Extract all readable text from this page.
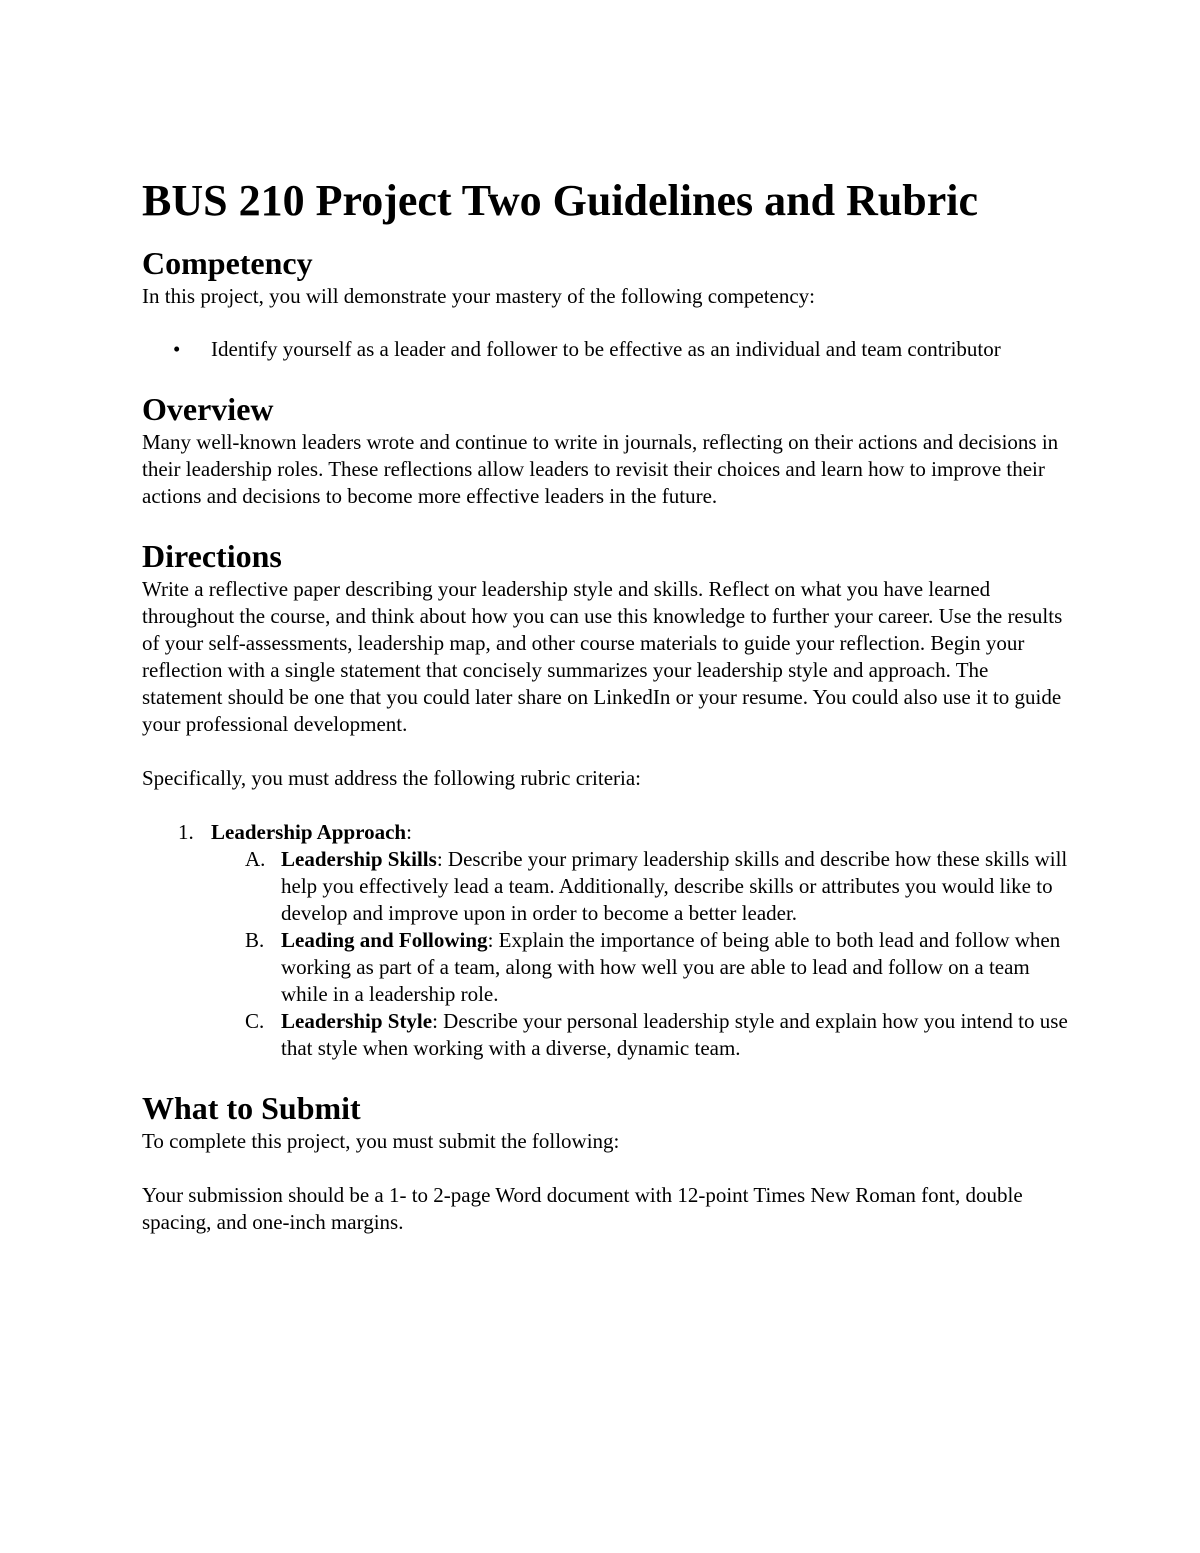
BUS 210 Project Two Guidelines and Rubric
Competency

In this project, you will demonstrate your mastery of the following competency:

• Identify yourself as a leader and follower to be effective as an individual and team contributor
Overview

Many well-known leaders wrote and continue to write in journals, reflecting on their actions and decisions in their leadership roles. These reflections allow leaders to revisit their choices and learn how to improve their actions and decisions to become more effective leaders in the future.

Directions

Write a reflective paper describing your leadership style and skills. Reflect on what you have learned throughout the course, and think about how you can use this knowledge to further your career. Use the results of your self-assessments, leadership map, and other course materials to guide your reflection. Begin your reflection with a single statement that concisely summarizes your leadership style and approach. The statement should be one that you could later share on LinkedIn or your resume. You could also use it to guide your professional development.

Specifically, you must address the following rubric criteria:

1. Leadership Approach:
A. Leadership Skills: Describe your primary leadership skills and describe how these skills will help you effectively lead a team. Additionally, describe skills or attributes you would like to develop and improve upon in order to become a better leader.
B. Leading and Following: Explain the importance of being able to both lead and follow when working as part of a team, along with how well you are able to lead and follow on a team while in a leadership role.
C. Leadership Style: Describe your personal leadership style and explain how you intend to use that style when working with a diverse, dynamic team.
What to Submit

To complete this project, you must submit the following:

Your submission should be a 1- to 2-page Word document with 12-point Times New Roman font, double spacing, and one-inch margins.
